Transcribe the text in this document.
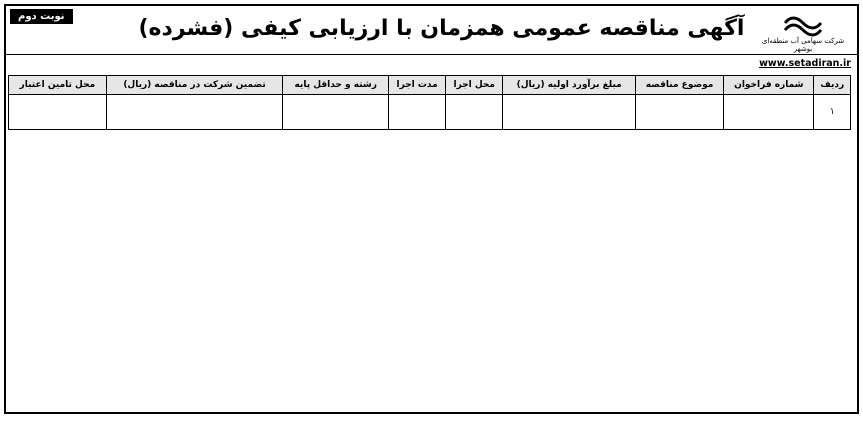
شرکت سهامی آب منطقه‌ای بوشهر
آگهی مناقصه عمومی همزمان با ارزیابی کیفی (فشرده)
نوبت دوم
www.setadiran.ir
ردیف	شماره فراخوان	موضوع مناقصه	مبلغ برآورد اولیه (ریال)	محل اجرا	مدت اجرا	رشته و حداقل پایه	تضمین شرکت در مناقصه (ریال)	محل تامین اعتبار
۱								
